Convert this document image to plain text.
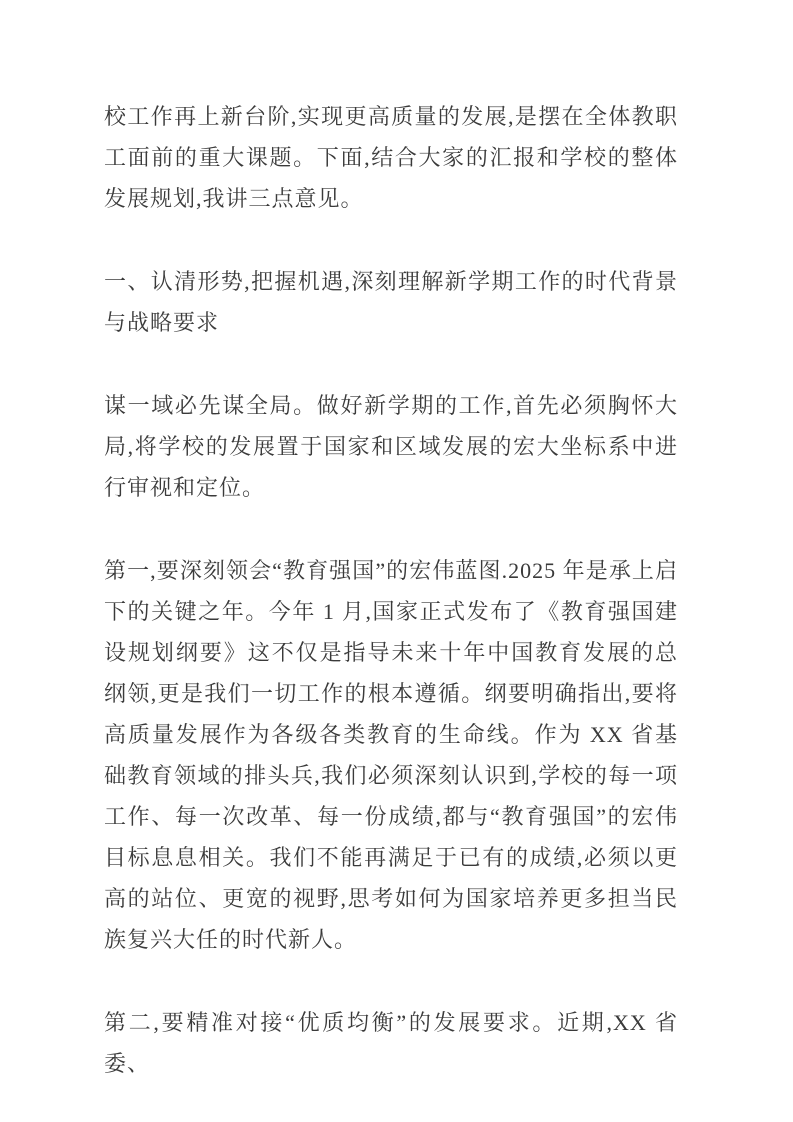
校工作再上新台阶,实现更高质量的发展,是摆在全体教职工面前的重大课题。下面,结合大家的汇报和学校的整体发展规划,我讲三点意见。

一、认清形势,把握机遇,深刻理解新学期工作的时代背景与战略要求

谋一域必先谋全局。做好新学期的工作,首先必须胸怀大局,将学校的发展置于国家和区域发展的宏大坐标系中进行审视和定位。

第一,要深刻领会“教育强国”的宏伟蓝图.2025 年是承上启下的关键之年。今年 1 月,国家正式发布了《教育强国建设规划纲要》这不仅是指导未来十年中国教育发展的总纲领,更是我们一切工作的根本遵循。纲要明确指出,要将高质量发展作为各级各类教育的生命线。作为 XX 省基础教育领域的排头兵,我们必须深刻认识到,学校的每一项工作、每一次改革、每一份成绩,都与“教育强国”的宏伟目标息息相关。我们不能再满足于已有的成绩,必须以更高的站位、更宽的视野,思考如何为国家培养更多担当民族复兴大任的时代新人。

第二,要精准对接“优质均衡”的发展要求。近期,XX 省委、
